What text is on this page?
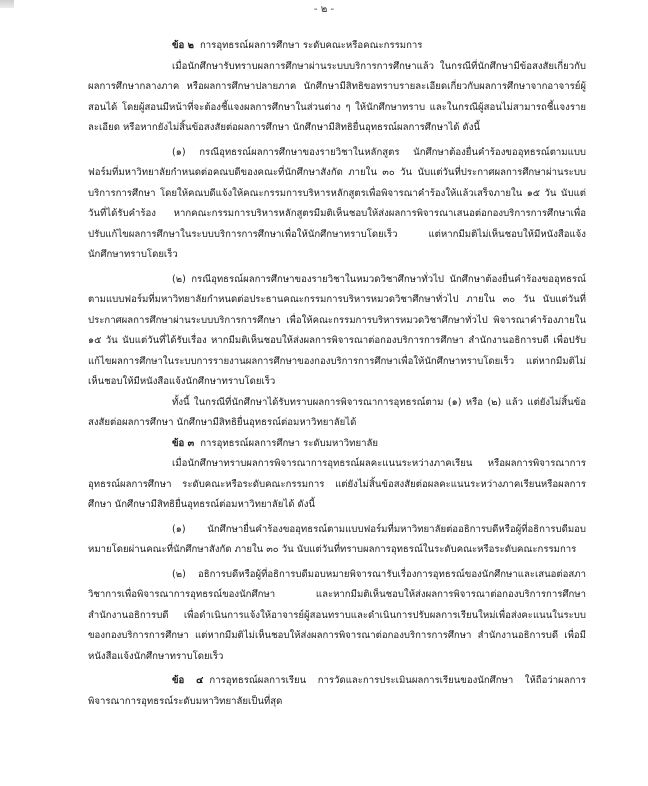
- ๒ -

ข้อ ๒ การอุทธรณ์ผลการศึกษา ระดับคณะหรือคณะกรรมการ

เมื่อนักศึกษารับทราบผลการศึกษาผ่านระบบบริการการศึกษาแล้ว ในกรณีที่นักศึกษามีข้อสงสัยเกี่ยวกับผลการศึกษากลางภาค หรือผลการศึกษาปลายภาค นักศึกษามีสิทธิขอทราบรายละเอียดเกี่ยวกับผลการศึกษาจากอาจารย์ผู้สอนได้ โดยผู้สอนมีหน้าที่จะต้องชี้แจงผลการศึกษาในส่วนต่าง ๆ ให้นักศึกษาทราบ และในกรณีผู้สอนไม่สามารถชี้แจงรายละเอียด หรือหากยังไม่สิ้นข้อสงสัยต่อผลการศึกษา นักศึกษามีสิทธิยื่นอุทธรณ์ผลการศึกษาได้ ดังนี้

(๑) กรณีอุทธรณ์ผลการศึกษาของรายวิชาในหลักสูตร นักศึกษาต้องยื่นคำร้องขออุทธรณ์ตามแบบฟอร์มที่มหาวิทยาลัยกำหนดต่อคณบดีของคณะที่นักศึกษาสังกัด ภายใน ๓๐ วัน นับแต่วันที่ประกาศผลการศึกษาผ่านระบบบริการการศึกษา โดยให้คณบดีแจ้งให้คณะกรรมการบริหารหลักสูตรเพื่อพิจารณาคำร้องให้แล้วเสร็จภายใน ๑๕ วัน นับแต่วันที่ได้รับคำร้อง หากคณะกรรมการบริหารหลักสูตรมีมติเห็นชอบให้ส่งผลการพิจารณาเสนอต่อกองบริการการศึกษาเพื่อปรับแก้ไขผลการศึกษาในระบบบริการการศึกษาเพื่อให้นักศึกษาทราบโดยเร็ว แต่หากมีมติไม่เห็นชอบให้มีหนังสือแจ้งนักศึกษาทราบโดยเร็ว

(๒) กรณีอุทธรณ์ผลการศึกษาของรายวิชาในหมวดวิชาศึกษาทั่วไป นักศึกษาต้องยื่นคำร้องขออุทธรณ์ตามแบบฟอร์มที่มหาวิทยาลัยกำหนดต่อประธานคณะกรรมการบริหารหมวดวิชาศึกษาทั่วไป ภายใน ๓๐ วัน นับแต่วันที่ประกาศผลการศึกษาผ่านระบบบริการการศึกษา เพื่อให้คณะกรรมการบริหารหมวดวิชาศึกษาทั่วไป พิจารณาคำร้องภายใน ๑๕ วัน นับแต่วันที่ได้รับเรื่อง หากมีมติเห็นชอบให้ส่งผลการพิจารณาต่อกองบริการการศึกษา สำนักงานอธิการบดี เพื่อปรับแก้ไขผลการศึกษาในระบบการรายงานผลการศึกษาของกองบริการการศึกษาเพื่อให้นักศึกษาทราบโดยเร็ว แต่หากมีมติไม่เห็นชอบให้มีหนังสือแจ้งนักศึกษาทราบโดยเร็ว

ทั้งนี้ ในกรณีที่นักศึกษาได้รับทราบผลการพิจารณาการอุทธรณ์ตาม (๑) หรือ (๒) แล้ว แต่ยังไม่สิ้นข้อสงสัยต่อผลการศึกษา นักศึกษามีสิทธิยื่นอุทธรณ์ต่อมหาวิทยาลัยได้

ข้อ ๓ การอุทธรณ์ผลการศึกษา ระดับมหาวิทยาลัย

เมื่อนักศึกษาทราบผลการพิจารณาการอุทธรณ์ผลคะแนนระหว่างภาคเรียน หรือผลการพิจารณาการอุทธรณ์ผลการศึกษา ระดับคณะหรือระดับคณะกรรมการ แต่ยังไม่สิ้นข้อสงสัยต่อผลคะแนนระหว่างภาคเรียนหรือผลการศึกษา นักศึกษามีสิทธิยื่นอุทธรณ์ต่อมหาวิทยาลัยได้ ดังนี้

(๑) นักศึกษายื่นคำร้องขออุทธรณ์ตามแบบฟอร์มที่มหาวิทยาลัยต่ออธิการบดีหรือผู้ที่อธิการบดีมอบหมายโดยผ่านคณะที่นักศึกษาสังกัด ภายใน ๓๐ วัน นับแต่วันที่ทราบผลการอุทธรณ์ในระดับคณะหรือระดับคณะกรรมการ

(๒) อธิการบดีหรือผู้ที่อธิการบดีมอบหมายพิจารณารับเรื่องการอุทธรณ์ของนักศึกษาและเสนอต่อสภาวิชาการเพื่อพิจารณาการอุทธรณ์ของนักศึกษา และหากมีมติเห็นชอบให้ส่งผลการพิจารณาต่อกองบริการการศึกษา สำนักงานอธิการบดี เพื่อดำเนินการแจ้งให้อาจารย์ผู้สอนทราบและดำเนินการปรับผลการเรียนใหม่เพื่อส่งคะแนนในระบบของกองบริการการศึกษา แต่หากมีมติไม่เห็นชอบให้ส่งผลการพิจารณาต่อกองบริการการศึกษา สำนักงานอธิการบดี เพื่อมีหนังสือแจ้งนักศึกษาทราบโดยเร็ว

ข้อ ๔ การอุทธรณ์ผลการเรียน การวัดและการประเมินผลการเรียนของนักศึกษา ให้ถือว่าผลการพิจารณาการอุทธรณ์ระดับมหาวิทยาลัยเป็นที่สุด
